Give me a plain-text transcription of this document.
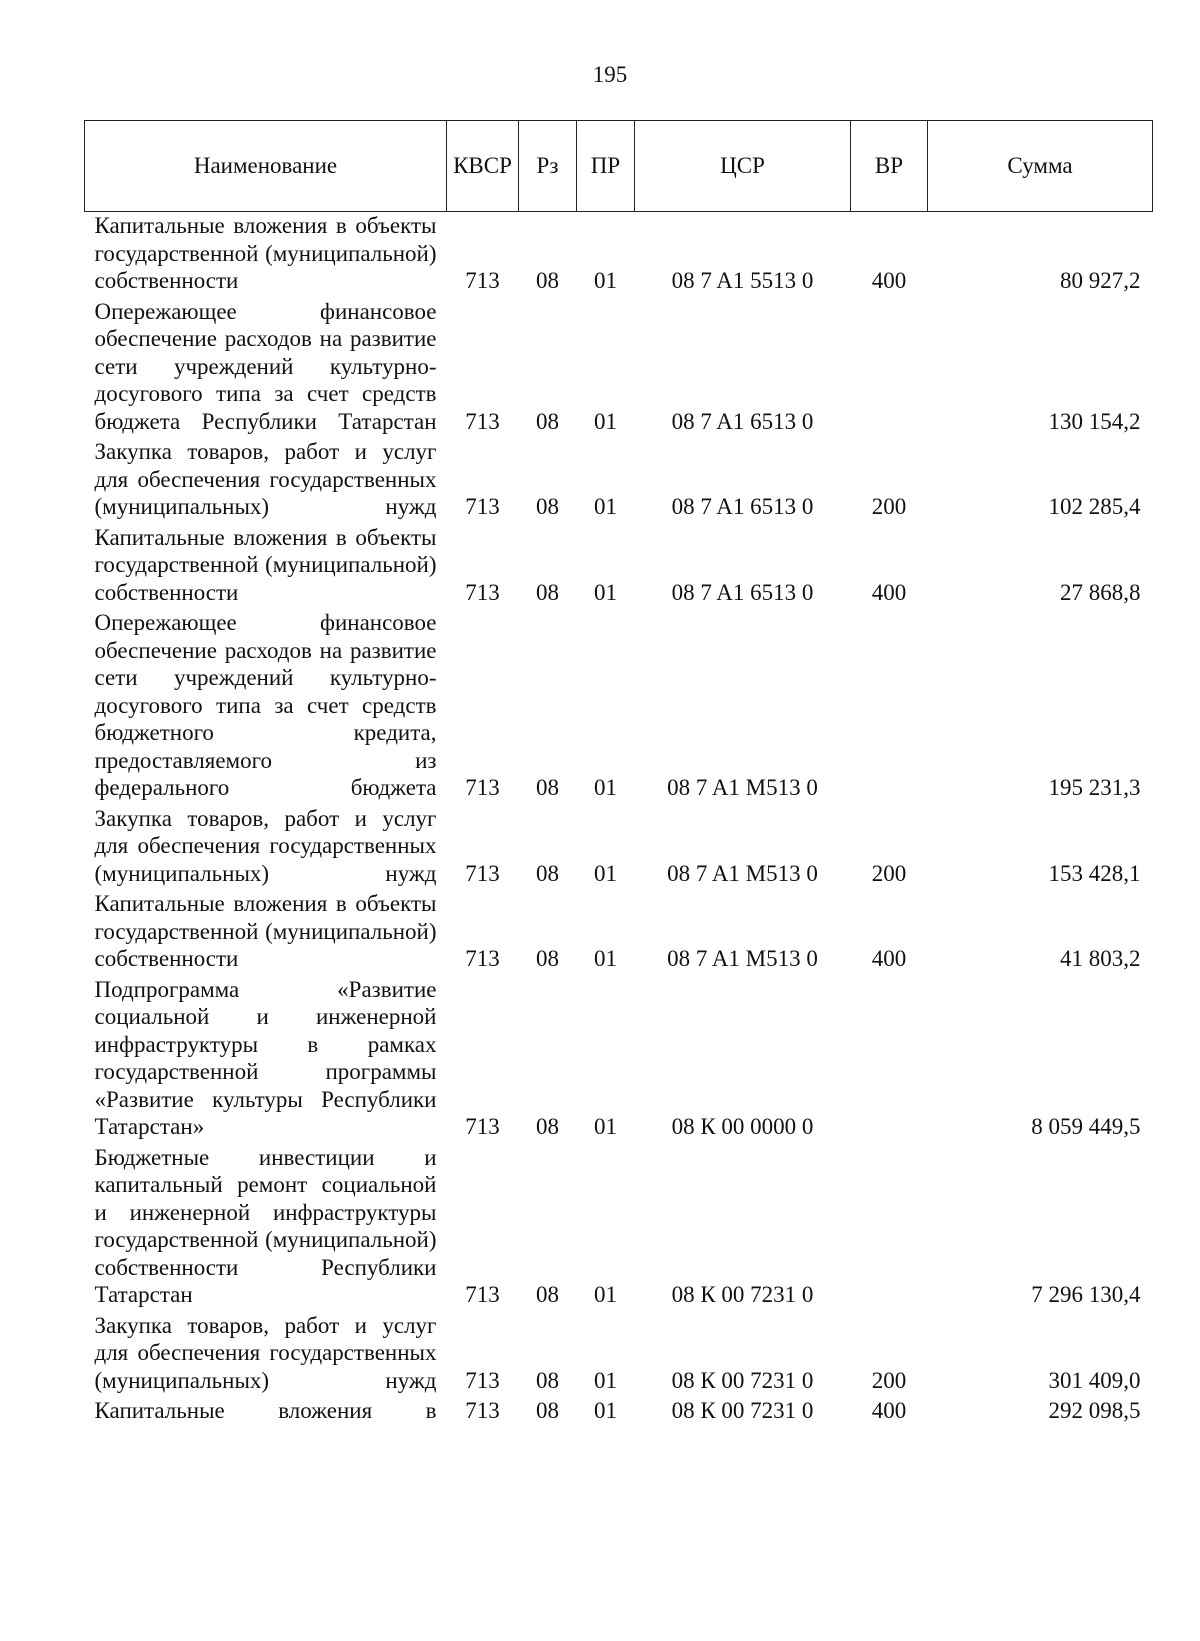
195
Наименование	КВСР	Рз	ПР	ЦСР	ВР	Сумма
Капитальные вложения в объекты государственной (муниципальной) собственности	713	08	01	08 7 A1 5513 0	400	80 927,2
Опережающее финансовое обеспечение расходов на развитие сети учреждений культурно-досугового типа за счет средств бюджета Республики Татарстан	713	08	01	08 7 A1 6513 0		130 154,2
Закупка товаров, работ и услуг для обеспечения государственных (муниципальных) нужд	713	08	01	08 7 A1 6513 0	200	102 285,4
Капитальные вложения в объекты государственной (муниципальной) собственности	713	08	01	08 7 A1 6513 0	400	27 868,8
Опережающее финансовое обеспечение расходов на развитие сети учреждений культурно-досугового типа за счет средств бюджетного кредита, предоставляемого из федерального бюджета	713	08	01	08 7 A1 M513 0		195 231,3
Закупка товаров, работ и услуг для обеспечения государственных (муниципальных) нужд	713	08	01	08 7 A1 M513 0	200	153 428,1
Капитальные вложения в объекты государственной (муниципальной) собственности	713	08	01	08 7 A1 M513 0	400	41 803,2
Подпрограмма «Развитие социальной и инженерной инфраструктуры в рамках государственной программы «Развитие культуры Республики Татарстан»	713	08	01	08 К 00 0000 0		8 059 449,5
Бюджетные инвестиции и капитальный ремонт социальной и инженерной инфраструктуры государственной (муниципальной) собственности Республики Татарстан	713	08	01	08 К 00 7231 0		7 296 130,4
Закупка товаров, работ и услуг для обеспечения государственных (муниципальных) нужд	713	08	01	08 К 00 7231 0	200	301 409,0
Капитальные вложения в	713	08	01	08 К 00 7231 0	400	292 098,5
